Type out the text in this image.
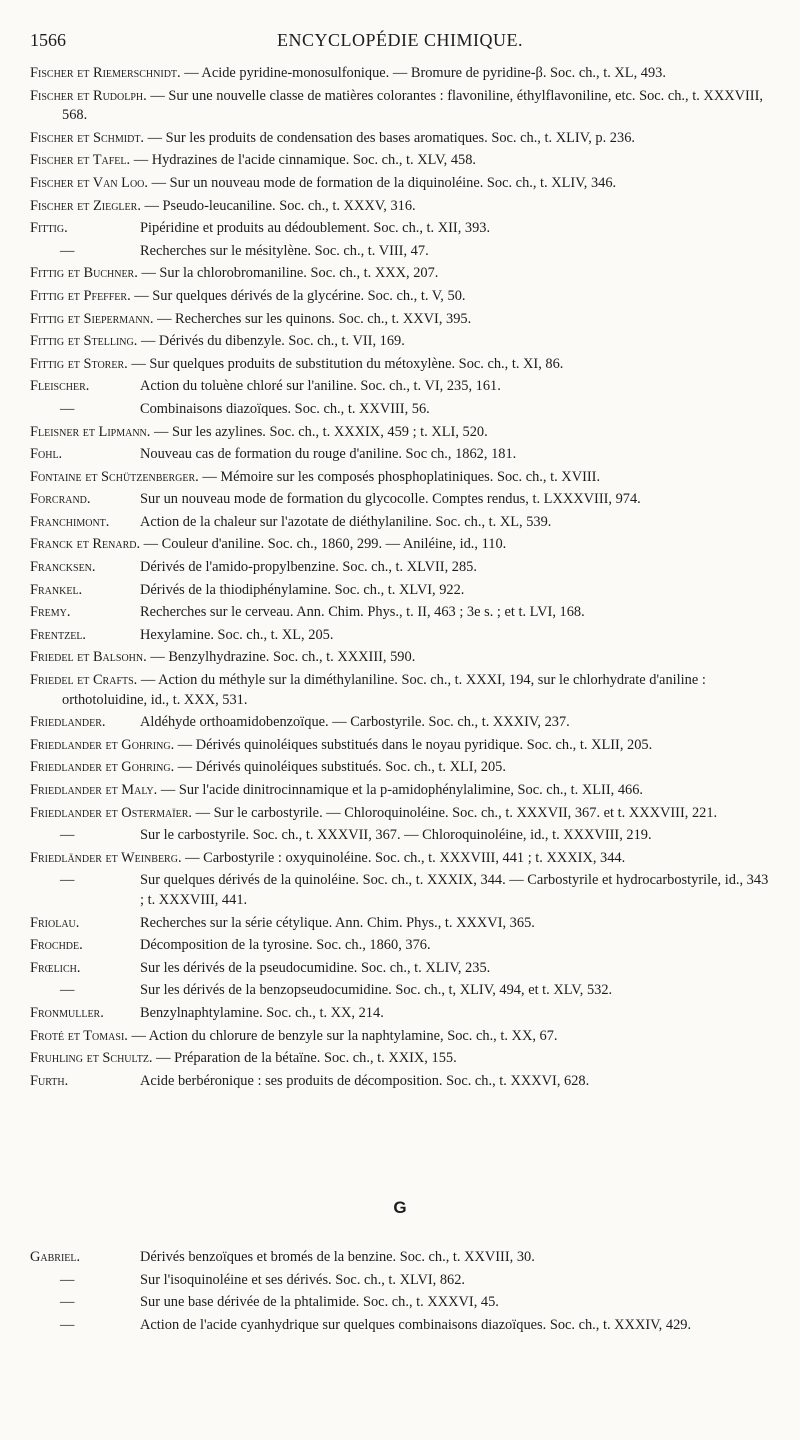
1566	ENCYCLOPÉDIE CHIMIQUE.
Fischer et Riemerschnidt. — Acide pyridine-monosulfonique. — Bromure de pyridine-β. Soc. ch., t. XL, 493.
Fischer et Rudolph. — Sur une nouvelle classe de matières colorantes : flavoniline, éthylflavoniline, etc. Soc. ch., t. XXXVIII, 568.
Fischer et Schmidt. — Sur les produits de condensation des bases aromatiques. Soc. ch., t. XLIV, p. 236.
Fischer et Tafel. — Hydrazines de l'acide cinnamique. Soc. ch., t. XLV, 458.
Fischer et Van Loo. — Sur un nouveau mode de formation de la diquinoléine. Soc. ch., t. XLIV, 346.
Fischer et Ziegler. — Pseudo-leucaniline. Soc. ch., t. XXXV, 316.
Fittig.	Pipéridine et produits au dédoublement. Soc. ch., t. XII, 393.
—	Recherches sur le mésitylène. Soc. ch., t. VIII, 47.
Fittig et Buchner. — Sur la chlorobromaniline. Soc. ch., t. XXX, 207.
Fittig et Pfeffer. — Sur quelques dérivés de la glycérine. Soc. ch., t. V, 50.
Fittig et Siepermann. — Recherches sur les quinons. Soc. ch., t. XXVI, 395.
Fittig et Stelling. — Dérivés du dibenzyle. Soc. ch., t. VII, 169.
Fittig et Storer. — Sur quelques produits de substitution du métoxylène. Soc. ch., t. XI, 86.
Fleischer.	Action du toluène chloré sur l'aniline. Soc. ch., t. VI, 235, 161.
—	Combinaisons diazoïques. Soc. ch., t. XXVIII, 56.
Fleisner et Lipmann. — Sur les azylines. Soc. ch., t. XXXIX, 459 ; t. XLI, 520.
Fohl.	Nouveau cas de formation du rouge d'aniline. Soc ch., 1862, 181.
Fontaine et Schützenberger. — Mémoire sur les composés phosphoplatiniques. Soc. ch., t. XVIII.
Forcrand.	Sur un nouveau mode de formation du glycocolle. Comptes rendus, t. LXXXVIII, 974.
Franchimont.	Action de la chaleur sur l'azotate de diéthylaniline. Soc. ch., t. XL, 539.
Franck et Renard. — Couleur d'aniline. Soc. ch., 1860, 299. — Aniléine, id., 110.
Francksen.	Dérivés de l'amido-propylbenzine. Soc. ch., t. XLVII, 285.
Frankel.	Dérivés de la thiodiphénylamine. Soc. ch., t. XLVI, 922.
Fremy.	Recherches sur le cerveau. Ann. Chim. Phys., t. II, 463 ; 3e s. ; et t. LVI, 168.
Frentzel.	Hexylamine. Soc. ch., t. XL, 205.
Friedel et Balsohn. — Benzylhydrazine. Soc. ch., t. XXXIII, 590.
Friedel et Crafts. — Action du méthyle sur la diméthylaniline. Soc. ch., t. XXXI, 194, sur le chlorhydrate d'aniline : orthotoluidine, id., t. XXX, 531.
Friedlander.	Aldéhyde orthoamidobenzoïque. — Carbostyrile. Soc. ch., t. XXXIV, 237.
Friedlander et Gohring. — Dérivés quinoléiques substitués dans le noyau pyridique. Soc. ch., t. XLII, 205.
Friedlander et Gohring. — Dérivés quinoléiques substitués. Soc. ch., t. XLI, 205.
Friedlander et Maly. — Sur l'acide dinitrocinnamique et la p-amidophénylalimine, Soc. ch., t. XLII, 466.
Friedlander et Ostermaïer. — Sur le carbostyrile. — Chloroquinoléine. Soc. ch., t. XXXVII, 367. et t. XXXVIII, 221.
—	Sur le carbostyrile. Soc. ch., t. XXXVII, 367. — Chloroquinoléine, id., t. XXXVIII, 219.
Friedländer et Weinberg. — Carbostyrile : oxyquinoléine. Soc. ch., t. XXXVIII, 441 ; t. XXXIX, 344.
—	Sur quelques dérivés de la quinoléine. Soc. ch., t. XXXIX, 344. — Carbostyrile et hydrocarbostyrile, id., 343 ; t. XXXVIII, 441.
Friolau.	Recherches sur la série cétylique. Ann. Chim. Phys., t. XXXVI, 365.
Frochde.	Décomposition de la tyrosine. Soc. ch., 1860, 376.
Frœlich.	Sur les dérivés de la pseudocumidine. Soc. ch., t. XLIV, 235.
—	Sur les dérivés de la benzopseudocumidine. Soc. ch., t, XLIV, 494, et t. XLV, 532.
Fronmuller.	Benzylnaphtylamine. Soc. ch., t. XX, 214.
Froté et Tomasi. — Action du chlorure de benzyle sur la naphtylamine, Soc. ch., t. XX, 67.
Fruhling et Schultz. — Préparation de la bétaïne. Soc. ch., t. XXIX, 155.
Furth.	Acide berbéronique : ses produits de décomposition. Soc. ch., t. XXXVI, 628.
G
Gabriel.	Dérivés benzoïques et bromés de la benzine. Soc. ch., t. XXVIII, 30.
—	Sur l'isoquinoléine et ses dérivés. Soc. ch., t. XLVI, 862.
—	Sur une base dérivée de la phtalimide. Soc. ch., t. XXXVI, 45.
—	Action de l'acide cyanhydrique sur quelques combinaisons diazoïques. Soc. ch., t. XXXIV, 429.
